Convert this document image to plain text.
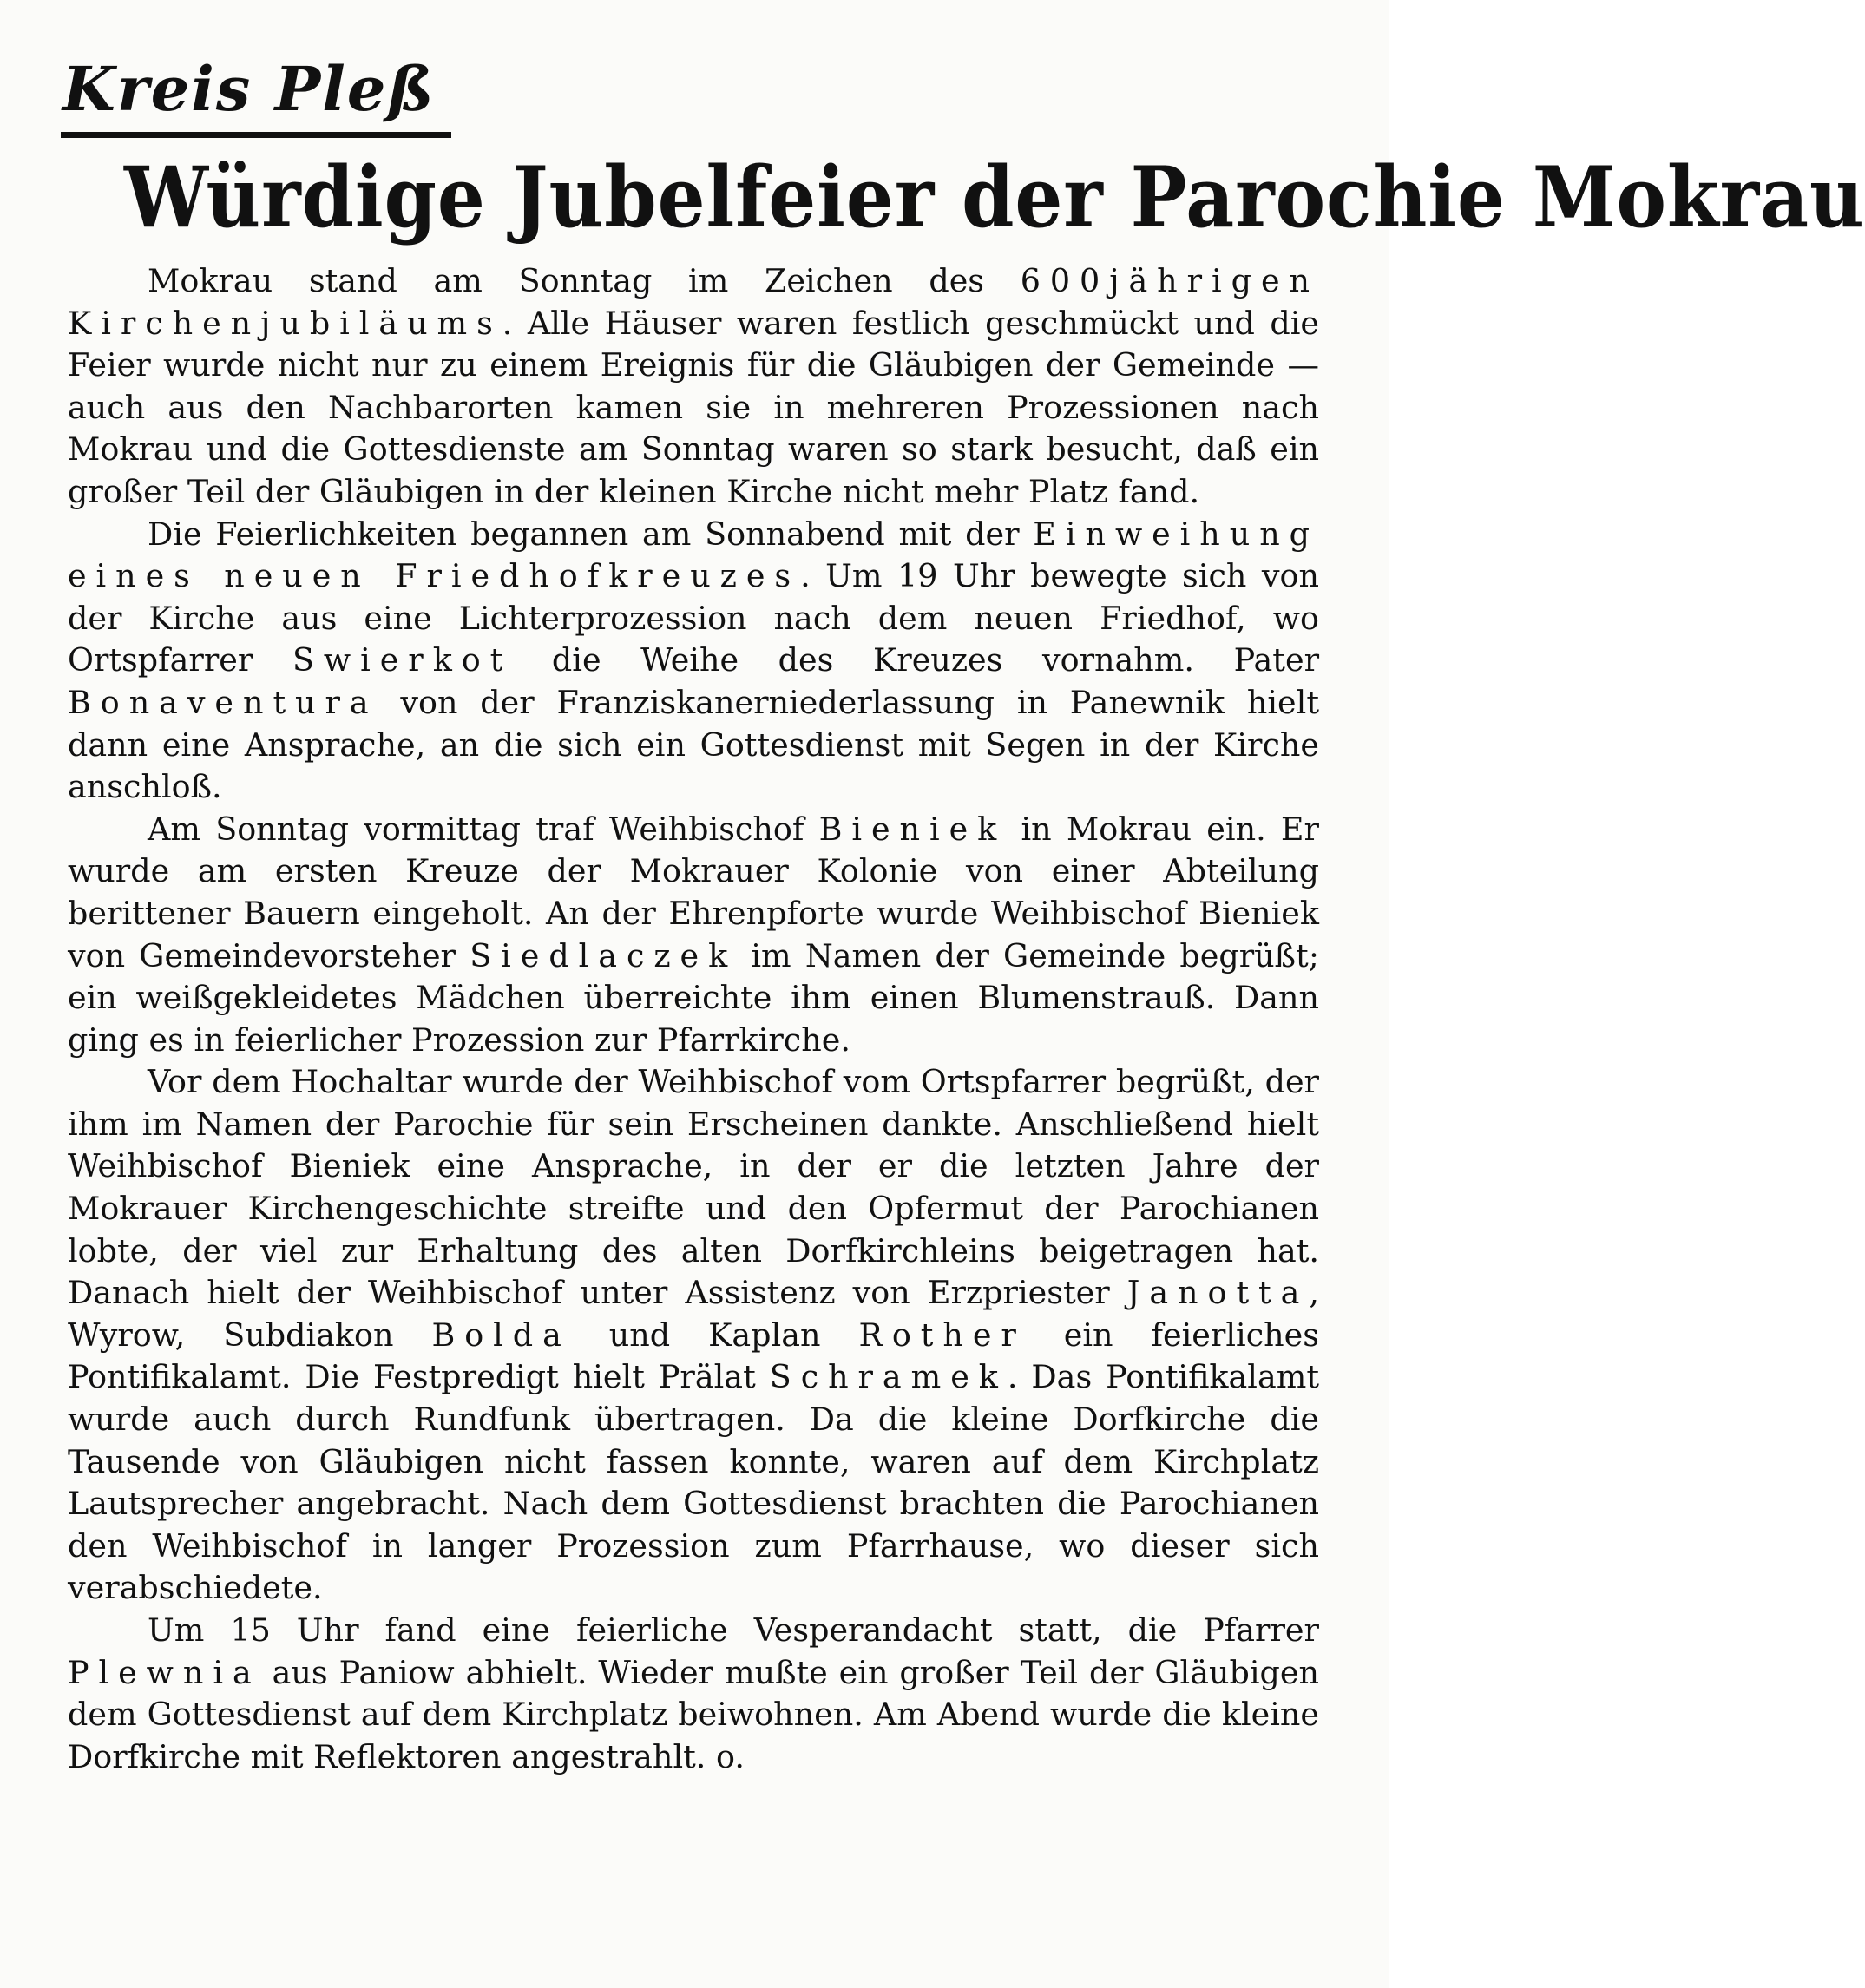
Kreis Pleß
Würdige Jubelfeier der Parochie Mokrau

Mokrau stand am Sonntag im Zeichen des 600jährigen Kirchenjubiläums. Alle Häuser waren festlich geschmückt und die Feier wurde nicht nur zu einem Ereignis für die Gläubigen der Gemeinde — auch aus den Nachbarorten kamen sie in mehreren Prozessionen nach Mokrau und die Gottesdienste am Sonntag waren so stark besucht, daß ein großer Teil der Gläubigen in der kleinen Kirche nicht mehr Platz fand.

Die Feierlichkeiten begannen am Sonnabend mit der Einweihung eines neuen Friedhofkreuzes. Um 19 Uhr bewegte sich von der Kirche aus eine Lichterprozession nach dem neuen Friedhof, wo Ortspfarrer Swierkot die Weihe des Kreuzes vornahm. Pater Bonaventura von der Franziskanerniederlassung in Panewnik hielt dann eine Ansprache, an die sich ein Gottesdienst mit Segen in der Kirche anschloß.

Am Sonntag vormittag traf Weihbischof Bieniek in Mokrau ein. Er wurde am ersten Kreuze der Mokrauer Kolonie von einer Abteilung berittener Bauern eingeholt. An der Ehrenpforte wurde Weihbischof Bieniek von Gemeindevorsteher Siedlaczek im Namen der Gemeinde begrüßt; ein weißgekleidetes Mädchen überreichte ihm einen Blumenstrauß. Dann ging es in feierlicher Prozession zur Pfarrkirche.

Vor dem Hochaltar wurde der Weihbischof vom Ortspfarrer begrüßt, der ihm im Namen der Parochie für sein Erscheinen dankte. Anschließend hielt Weihbischof Bieniek eine Ansprache, in der er die letzten Jahre der Mokrauer Kirchengeschichte streifte und den Opfermut der Parochianen lobte, der viel zur Erhaltung des alten Dorfkirchleins beigetragen hat. Danach hielt der Weihbischof unter Assistenz von Erzpriester Janotta, Wyrow, Subdiakon Bolda und Kaplan Rother ein feierliches Pontifikalamt. Die Festpredigt hielt Prälat Schramek. Das Pontifikalamt wurde auch durch Rundfunk übertragen. Da die kleine Dorfkirche die Tausende von Gläubigen nicht fassen konnte, waren auf dem Kirchplatz Lautsprecher angebracht. Nach dem Gottesdienst brachten die Parochianen den Weihbischof in langer Prozession zum Pfarrhause, wo dieser sich verabschiedete.

Um 15 Uhr fand eine feierliche Vesperandacht statt, die Pfarrer Plewnia aus Paniow abhielt. Wieder mußte ein großer Teil der Gläubigen dem Gottesdienst auf dem Kirchplatz beiwohnen. Am Abend wurde die kleine Dorfkirche mit Reflektoren angestrahlt. o.
